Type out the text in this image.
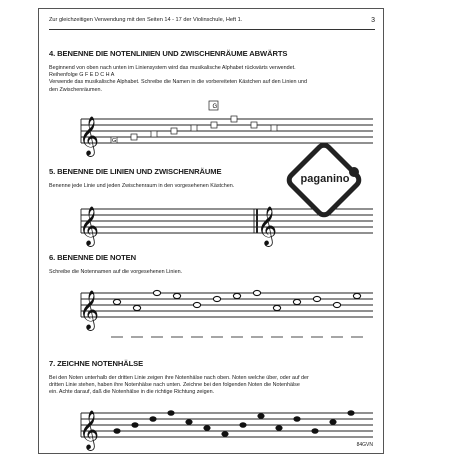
Zur gleichzeitigen Verwendung mit den Seiten 14 - 17 der Violinschule, Heft 1.	3
4. BENENNE DIE NOTENLINIEN UND ZWISCHENRÄUME ABWÄRTS
Beginnend von oben nach unten im Liniensystem wird das musikalische Alphabet rückwärts verwendet.
Reihenfolge G F E D C H A
Verwende das musikalische Alphabet. Schreibe die Namen in die vorbereiteten Kästchen auf den Linien und
den Zwischenräumen.
𝄞
G
G
5. BENENNE DIE LINIEN UND ZWISCHENRÄUME
Benenne jede Linie und jeden Zwischenraum in den vorgesehenen Kästchen.
𝄞	𝄞
paganino
6. BENENNE DIE NOTEN
Schreibe die Notennamen auf die vorgesehenen Linien.
𝄞
7. ZEICHNE NOTENHÄLSE
Bei den Noten unterhalb der dritten Linie zeigen ihre Notenhälse nach oben. Noten welche über, oder auf der
dritten Linie stehen, haben ihre Notenhälse nach unten. Zeichne bei den folgenden Noten die Notenhälse
ein. Achte darauf, daß die Notenhälse in die richtige Richtung zeigen.
𝄞	84GVN
